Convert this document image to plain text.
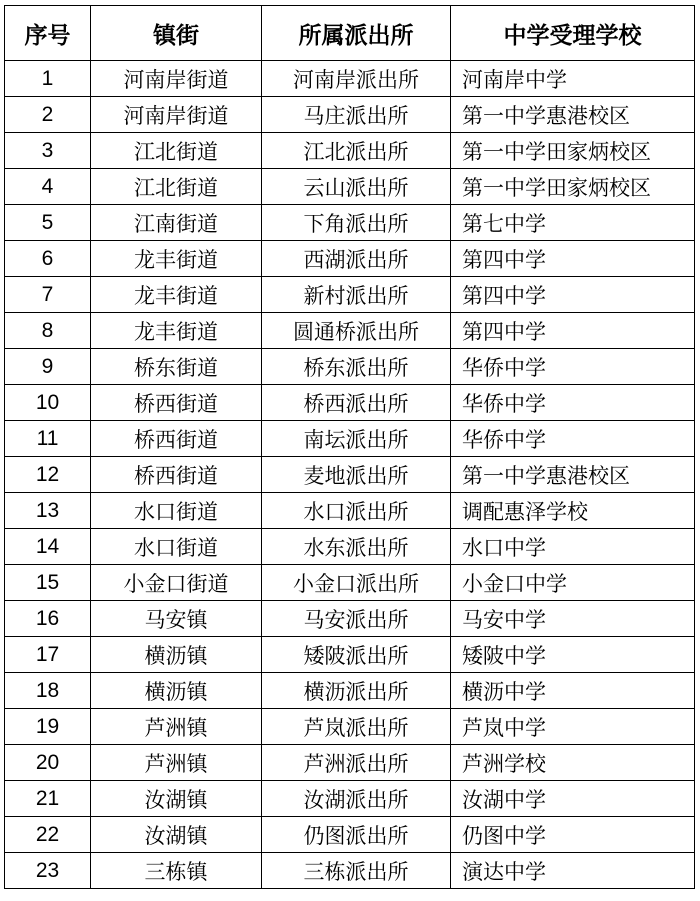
序号	镇街	所属派出所	中学受理学校
1	河南岸街道	河南岸派出所	河南岸中学
2	河南岸街道	马庄派出所	第一中学惠港校区
3	江北街道	江北派出所	第一中学田家炳校区
4	江北街道	云山派出所	第一中学田家炳校区
5	江南街道	下角派出所	第七中学
6	龙丰街道	西湖派出所	第四中学
7	龙丰街道	新村派出所	第四中学
8	龙丰街道	圆通桥派出所	第四中学
9	桥东街道	桥东派出所	华侨中学
10	桥西街道	桥西派出所	华侨中学
11	桥西街道	南坛派出所	华侨中学
12	桥西街道	麦地派出所	第一中学惠港校区
13	水口街道	水口派出所	调配惠泽学校
14	水口街道	水东派出所	水口中学
15	小金口街道	小金口派出所	小金口中学
16	马安镇	马安派出所	马安中学
17	横沥镇	矮陂派出所	矮陂中学
18	横沥镇	横沥派出所	横沥中学
19	芦洲镇	芦岚派出所	芦岚中学
20	芦洲镇	芦洲派出所	芦洲学校
21	汝湖镇	汝湖派出所	汝湖中学
22	汝湖镇	仍图派出所	仍图中学
23	三栋镇	三栋派出所	演达中学
